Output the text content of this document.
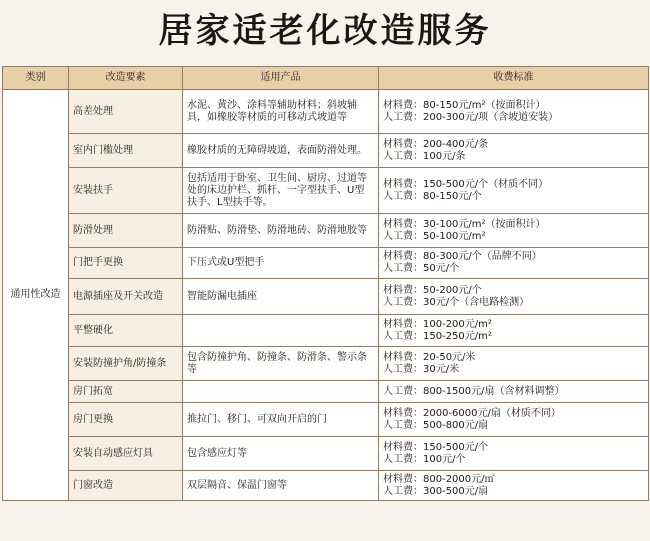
居家适老化改造服务
类别	改造要素	适用产品	收费标准
通用性改造	高差处理	水泥、黄沙、涂料等辅助材料；斜坡辅具，如橡胶等材质的可移动式坡道等	材料费：80-150元/m²（按面积计）
人工费：200-300元/项（含坡道安装）

	室内门槛处理	橡胶材质的无障碍坡道，表面防滑处理。	材料费：200-400元/条
人工费：100元/条

	安装扶手	包括适用于卧室、卫生间、厨房、过道等处的床边护栏、抓杆、一字型扶手、U型扶手、L型扶手等。	材料费：150-500元/个（材质不同）
人工费：80-150元/个

	防滑处理	防滑贴、防滑垫、防滑地砖、防滑地胶等	材料费：30-100元/m²（按面积计）
人工费：50-100元/m²

	门把手更换	下压式或U型把手	材料费：80-300元/个（品牌不同）
人工费：50元/个

	电源插座及开关改造	智能防漏电插座	材料费：50-200元/个
人工费：30元/个（含电路检测）

	平整硬化		材料费：100-200元/m²
人工费：150-250元/m²

	安装防撞护角/防撞条	包含防撞护角、防撞条、防滑条、警示条等	材料费：20-50元/米
人工费：30元/米

	房门拓宽		人工费：800-1500元/扇（含材料调整）

	房门更换	推拉门、移门、可双向开启的门	材料费：2000-6000元/扇（材质不同）
人工费：500-800元/扇

	安装自动感应灯具	包含感应灯等	材料费：150-500元/个
人工费：100元/个

	门窗改造	双层隔音、保温门窗等	材料费：800-2000元/㎡
人工费：300-500元/扇
